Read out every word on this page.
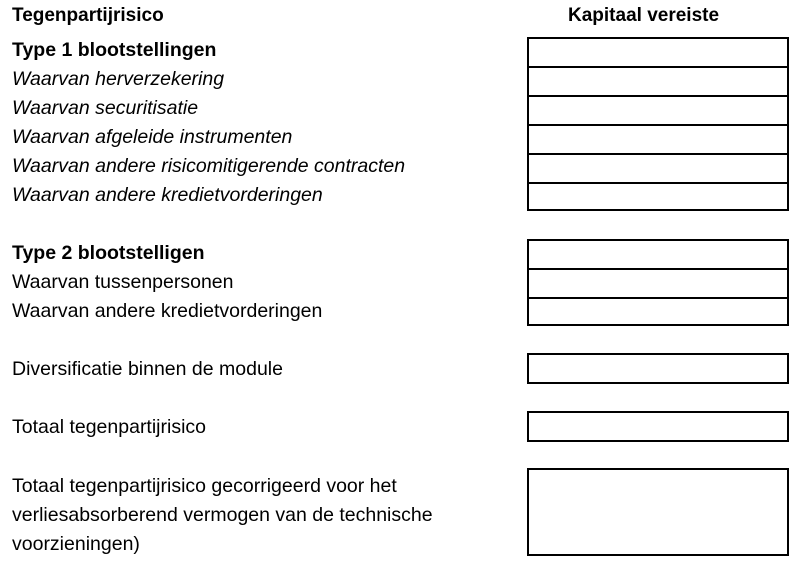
Tegenpartijrisico	Kapitaal vereiste
Type 1 blootstellingen
Waarvan herverzekering
Waarvan securitisatie
Waarvan afgeleide instrumenten
Waarvan andere risicomitigerende contracten
Waarvan andere kredietvorderingen
Type 2 blootstelligen
Waarvan tussenpersonen
Waarvan andere kredietvorderingen
Diversificatie binnen de module
Totaal tegenpartijrisico
Totaal tegenpartijrisico gecorrigeerd voor het verliesabsorberend vermogen van de technische voorzieningen)
